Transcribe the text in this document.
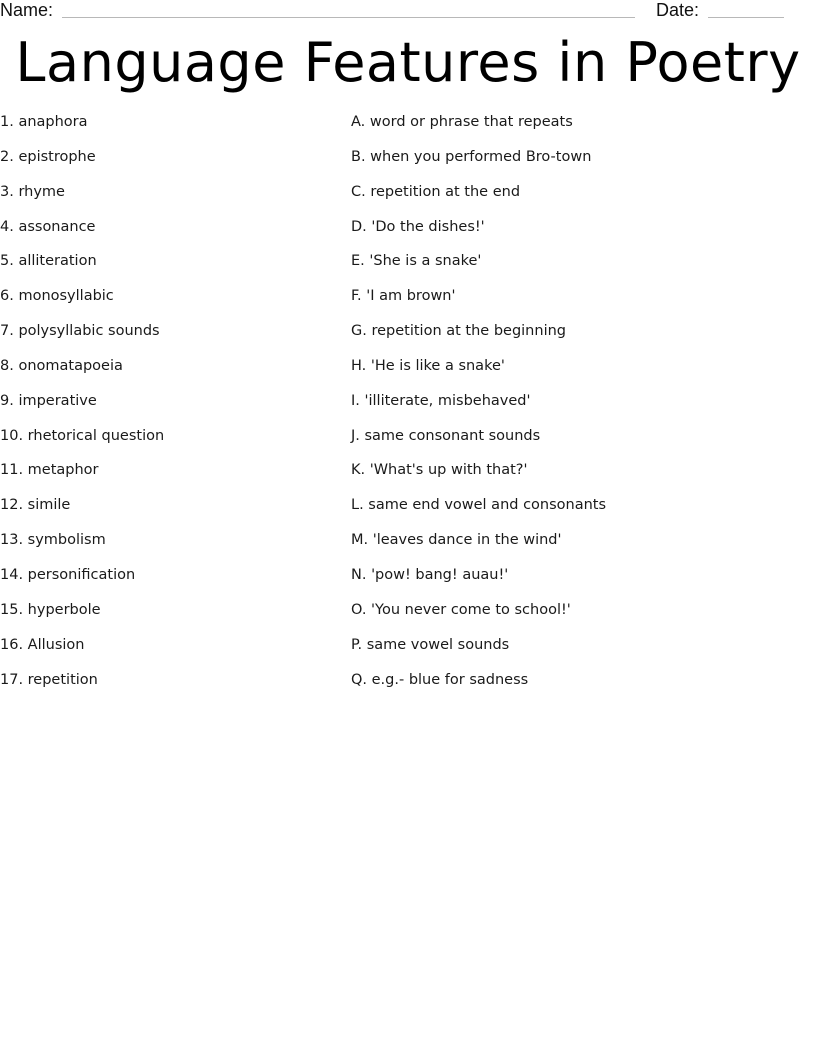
Name:	Date:
Language Features in Poetry
1. anaphora
2. epistrophe
3. rhyme
4. assonance
5. alliteration
6. monosyllabic
7. polysyllabic sounds
8. onomatapoeia
9. imperative
10. rhetorical question
11. metaphor
12. simile
13. symbolism
14. personification
15. hyperbole
16. Allusion
17. repetition
A. word or phrase that repeats
B. when you performed Bro-town
C. repetition at the end
D. 'Do the dishes!'
E. 'She is a snake'
F. 'I am brown'
G. repetition at the beginning
H. 'He is like a snake'
I. 'illiterate, misbehaved'
J. same consonant sounds
K. 'What's up with that?'
L. same end vowel and consonants
M. 'leaves dance in the wind'
N. 'pow! bang! auau!'
O. 'You never come to school!'
P. same vowel sounds
Q. e.g.- blue for sadness
